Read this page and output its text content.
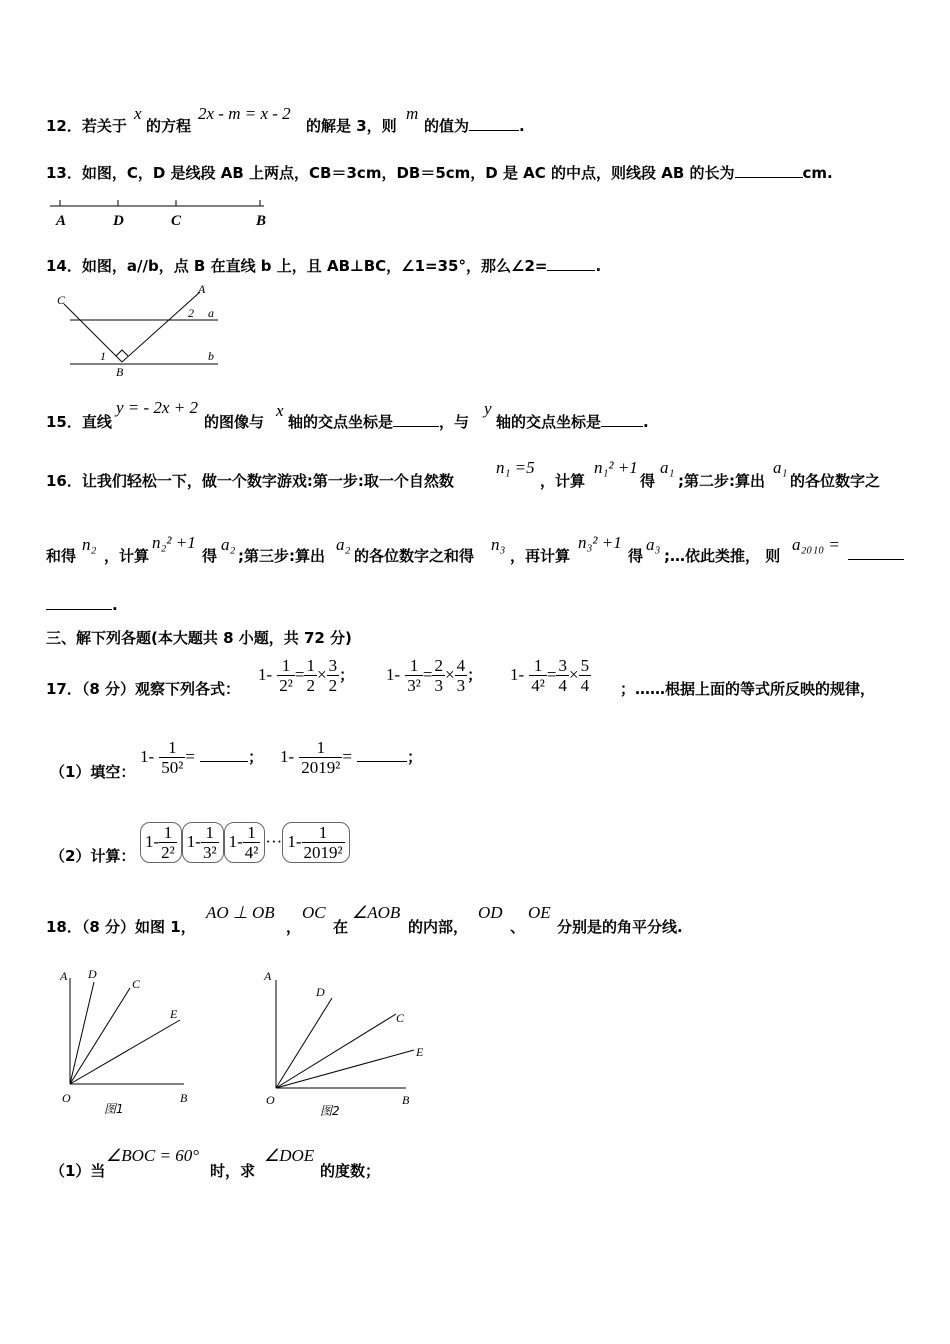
12．若关于
x
的方程
2x - m = x - 2
的解是 3，则
m
的值为	.
13．如图，C，D 是线段 AB 上两点，CB＝3cm，DB＝5cm，D 是 AC 的中点，则线段 AB 的长为	cm.
A	D	C	B
14．如图，a//b，点 B 在直线 b 上，且 AB⊥BC，∠1=35°，那么∠2=	.
C
A
a
b
B
1
2
15．直线
y = - 2x + 2
的图像与
x
轴的交点坐标是	，与
y
轴的交点坐标是	.
16．让我们轻松一下，做一个数字游戏:第一步:取一个自然数
n₁ =5
，计算
n₁² +1
得
a₁
;第二步:算出
a₁
的各位数字之
和得
n₂
，计算
n₂² +1
得
a₂
;第三步:算出
a₂
的各位数字之和得
n₃
，再计算
n₃² +1
得
a₃
;…依此类推， 则
a₂₀₁₀ =
.
三、解下列各题(本大题共 8 小题，共 72 分)
17．（8 分）观察下列各式：
$1- \frac{1}{\text{2²}} = \frac{1}{2} \times \frac{3}{2}$ ； $1- \frac{1}{\text{3²}} = \frac{2}{3} \times \frac{4}{3}$ ； $1- \frac{1}{\text{4²}} = \frac{3}{4} \times \frac{5}{4}$ ；……根据上面的等式所反映的规律，
（1）填空：
$1- \frac{1}{\text{50²}}$ =	； $1- \frac{1}{\text{2019²}}$ =	；
（2）计算：
$1- \frac{1}{\text{2²}} 1- \frac{1}{\text{3²}} 1- \frac{1}{\text{4²}}$ ··· $1- \frac{1}{\text{2019²}}$
18．（8 分）如图 1，
AO ⊥ OB
，
OC
在
∠AOB
的内部，
OD
、
OE
分别是的角平分线.
A D
C
E
O	B
图1
A
D
C
E
O	B
图2
（1）当
∠BOC = 60°
时，求
∠DOE
的度数；
